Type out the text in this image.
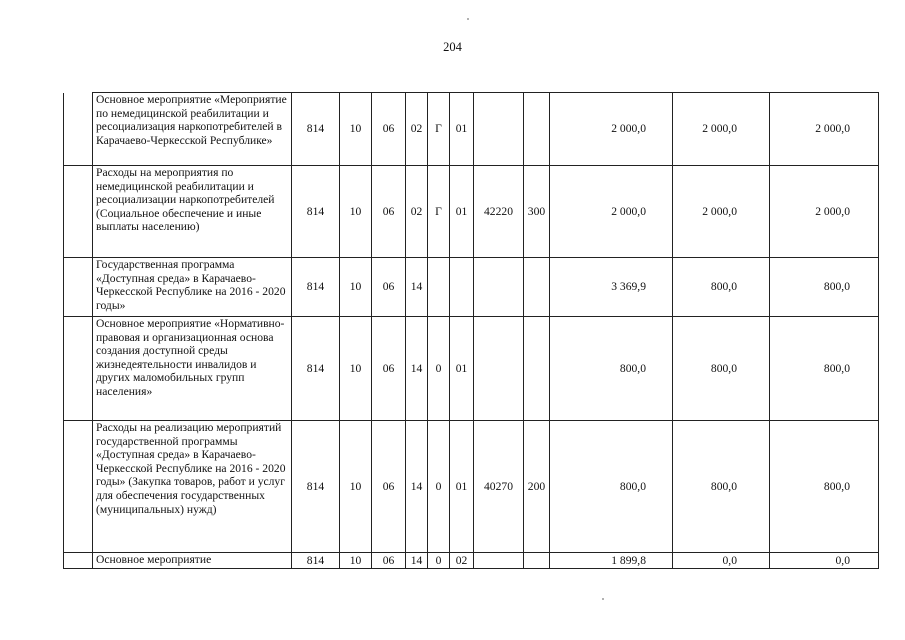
204
	Основное мероприятие «Мероприятие по немедицинской реабилитации и ресоциализация наркопотребителей в Карачаево-Черкесской Республике»	814	10	06	02	Г	01			2 000,0	2 000,0	2 000,0
	Расходы на мероприятия по немедицинской реабилитации и ресоциализации наркопотребителей (Социальное обеспечение и иные выплаты населению)	814	10	06	02	Г	01	42220	300	2 000,0	2 000,0	2 000,0
	Государственная программа «Доступная среда» в Карачаево-Черкесской Республике на 2016 - 2020 годы»	814	10	06	14					3 369,9	800,0	800,0
	Основное мероприятие «Нормативно-правовая и организационная основа создания доступной среды жизнедеятельности инвалидов и других маломобильных групп населения»	814	10	06	14	0	01			800,0	800,0	800,0
	Расходы на реализацию мероприятий государственной программы «Доступная среда» в Карачаево-Черкесской Республике на 2016 - 2020 годы» (Закупка товаров, работ и услуг для обеспечения государственных (муниципальных) нужд)	814	10	06	14	0	01	40270	200	800,0	800,0	800,0
	Основное мероприятие	814	10	06	14	0	02			1 899,8	0,0	0,0
